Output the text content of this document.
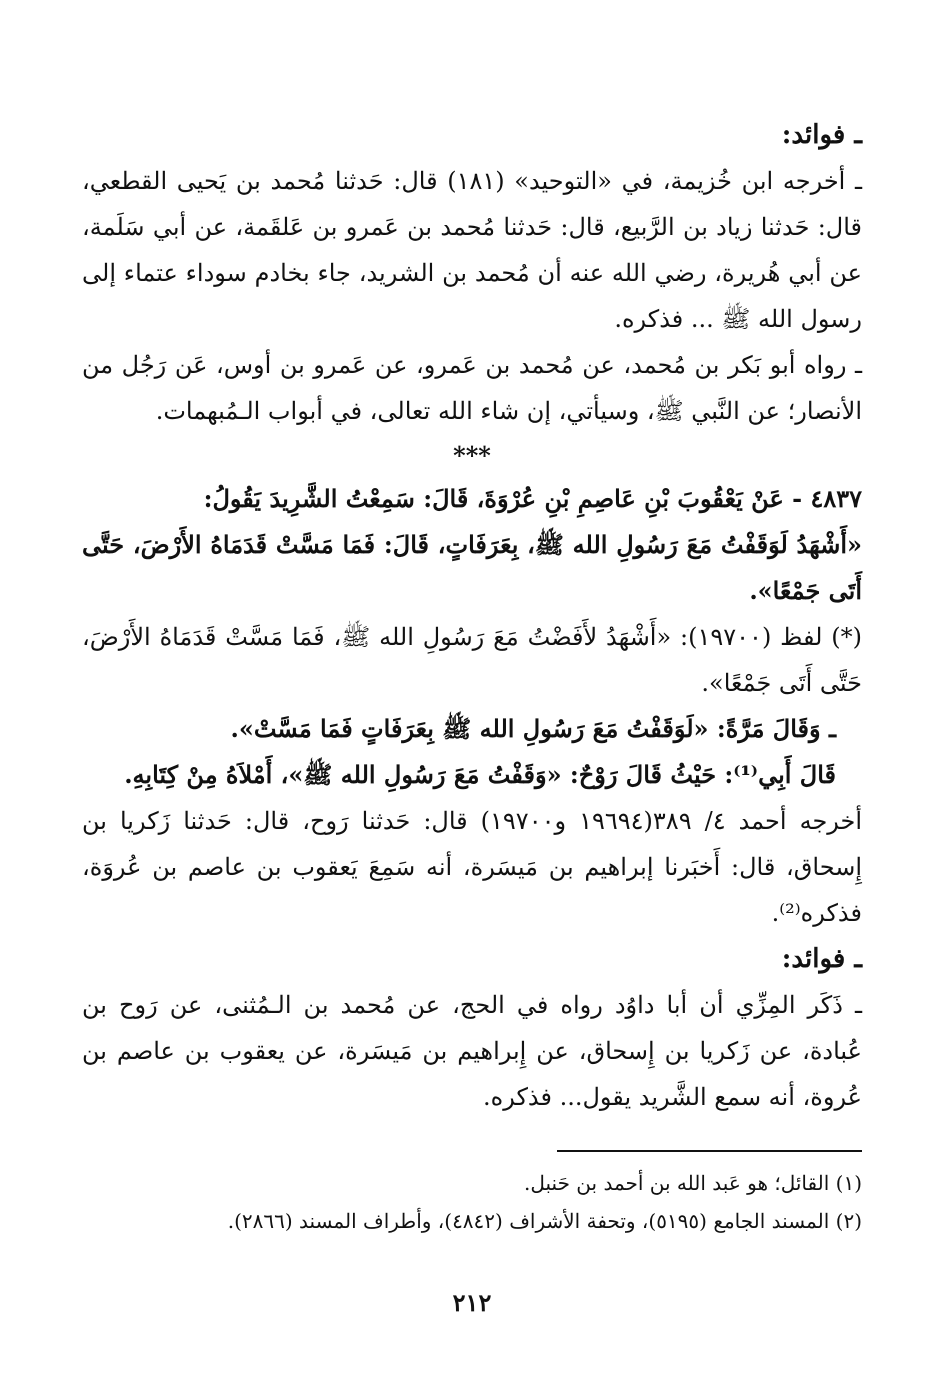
ـ فوائد:

ـ أخرجه ابن خُزيمة، في «التوحيد» (١٨١) قال: حَدثنا مُحمد بن يَحيى القطعي، قال: حَدثنا زياد بن الرَّبيع، قال: حَدثنا مُحمد بن عَمرو بن عَلقَمة، عن أبي سَلَمة، عن أبي هُريرة، رضي الله عنه أن مُحمد بن الشريد، جاء بخادم سوداء عتماء إلى رسول الله ﷺ ... فذكره.

ـ رواه أبو بَكر بن مُحمد، عن مُحمد بن عَمرو، عن عَمرو بن أوس، عَن رَجُل من الأنصار؛ عن النَّبي ﷺ، وسيأتي، إن شاء الله تعالى، في أبواب الـمُبهمات.

***

٤٨٣٧ - عَنْ يَعْقُوبَ بْنِ عَاصِمِ بْنِ عُرْوَةَ، قَالَ: سَمِعْتُ الشَّرِيدَ يَقُولُ:

«أَشْهَدُ لَوَقَفْتُ مَعَ رَسُولِ الله ﷺ، بِعَرَفَاتٍ، قَالَ: فَمَا مَسَّتْ قَدَمَاهُ الأَرْضَ، حَتَّى أَتَى جَمْعًا».

(*) لفظ (١٩٧٠٠): «أَشْهَدُ لأَفَضْتُ مَعَ رَسُولِ الله ﷺ، فَمَا مَسَّتْ قَدَمَاهُ الأَرْضَ، حَتَّى أَتَى جَمْعًا».

ـ وَقَالَ مَرَّةً: «لَوَقَفْتُ مَعَ رَسُولِ الله ﷺ بِعَرَفَاتٍ فَمَا مَسَّتْ».

قَالَ أَبِي⁽¹⁾: حَيْثُ قَالَ رَوْحٌ: «وَقَفْتُ مَعَ رَسُولِ الله ﷺ»، أَمْلاَهُ مِنْ كِتَابِهِ.

أخرجه أحمد ٤/ ٣٨٩(١٩٦٩٤ و١٩٧٠٠) قال: حَدثنا رَوح، قال: حَدثنا زَكريا بن إِسحاق، قال: أَخبَرنا إبراهيم بن مَيسَرة، أنه سَمِعَ يَعقوب بن عاصم بن عُروَة، فذكره⁽²⁾.

ـ فوائد:

ـ ذَكَر المِزِّي أن أبا داوُد رواه في الحج، عن مُحمد بن الـمُثنى، عن رَوح بن عُبادة، عن زَكريا بن إِسحاق، عن إِبراهيم بن مَيسَرة، عن يعقوب بن عاصم بن عُروة، أنه سمع الشَّريد يقول... فذكره.

(١) القائل؛ هو عَبد الله بن أحمد بن حَنبل.

(٢) المسند الجامع (٥١٩٥)، وتحفة الأشراف (٤٨٤٢)، وأطراف المسند (٢٨٦٦).

٢١٢
